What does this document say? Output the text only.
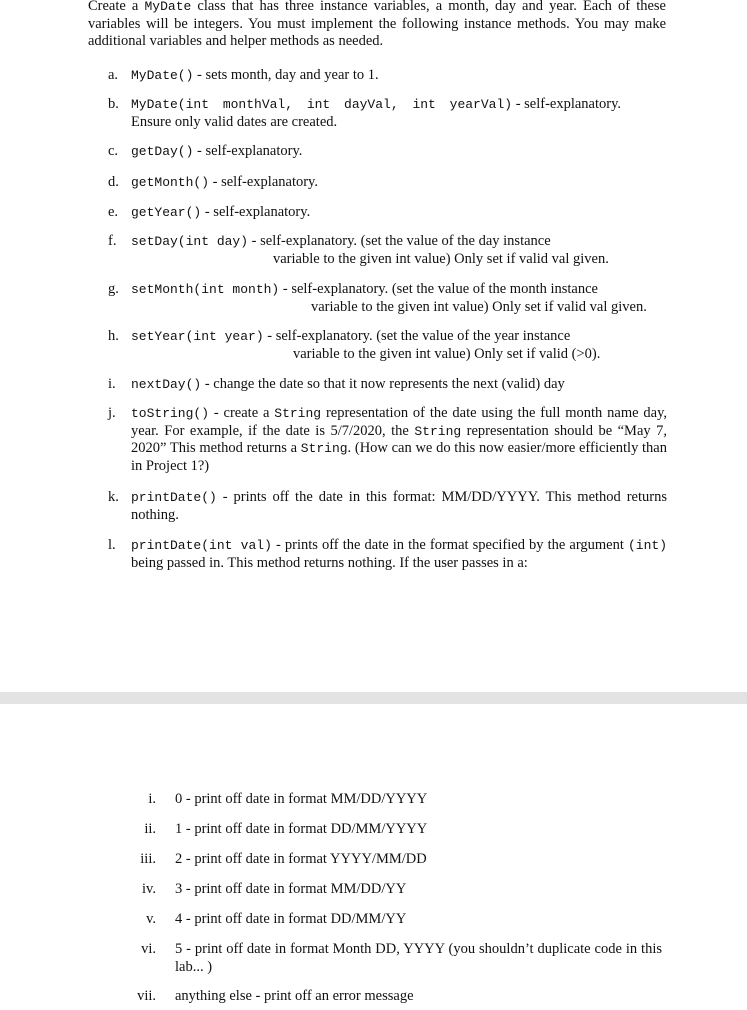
Create a MyDate class that has three instance variables, a month, day and year. Each of these variables will be integers. You must implement the following instance methods. You may make additional variables and helper methods as needed.
a. MyDate() - sets month, day and year to 1.
b. MyDate(int monthVal, int dayVal, int yearVal) - self-explanatory.
Ensure only valid dates are created.
c. getDay() - self-explanatory.
d. getMonth() - self-explanatory.
e. getYear() - self-explanatory.
f. setDay(int day) - self-explanatory. (set the value of the day instance
variable to the given int value) Only set if valid val given.
g. setMonth(int month) - self-explanatory. (set the value of the month instance
variable to the given int value) Only set if valid val given.
h. setYear(int year) - self-explanatory. (set the value of the year instance
variable to the given int value) Only set if valid (>0).
i. nextDay() - change the date so that it now represents the next (valid) day
j. toString() - create a String representation of the date using the full month name day, year. For example, if the date is 5/7/2020, the String representation should be “May 7, 2020” This method returns a String. (How can we do this now easier/more efficiently than in Project 1?)
k. printDate() - prints off the date in this format: MM/DD/YYYY. This method returns nothing.
l. printDate(int val) - prints off the date in the format specified by the argument (int) being passed in. This method returns nothing. If the user passes in a:
i. 0 - print off date in format MM/DD/YYYY
ii. 1 - print off date in format DD/MM/YYYY
iii. 2 - print off date in format YYYY/MM/DD
iv. 3 - print off date in format MM/DD/YY
v. 4 - print off date in format DD/MM/YY
vi. 5 - print off date in format Month DD, YYYY (you shouldn’t duplicate code in this lab... )
vii. anything else - print off an error message
